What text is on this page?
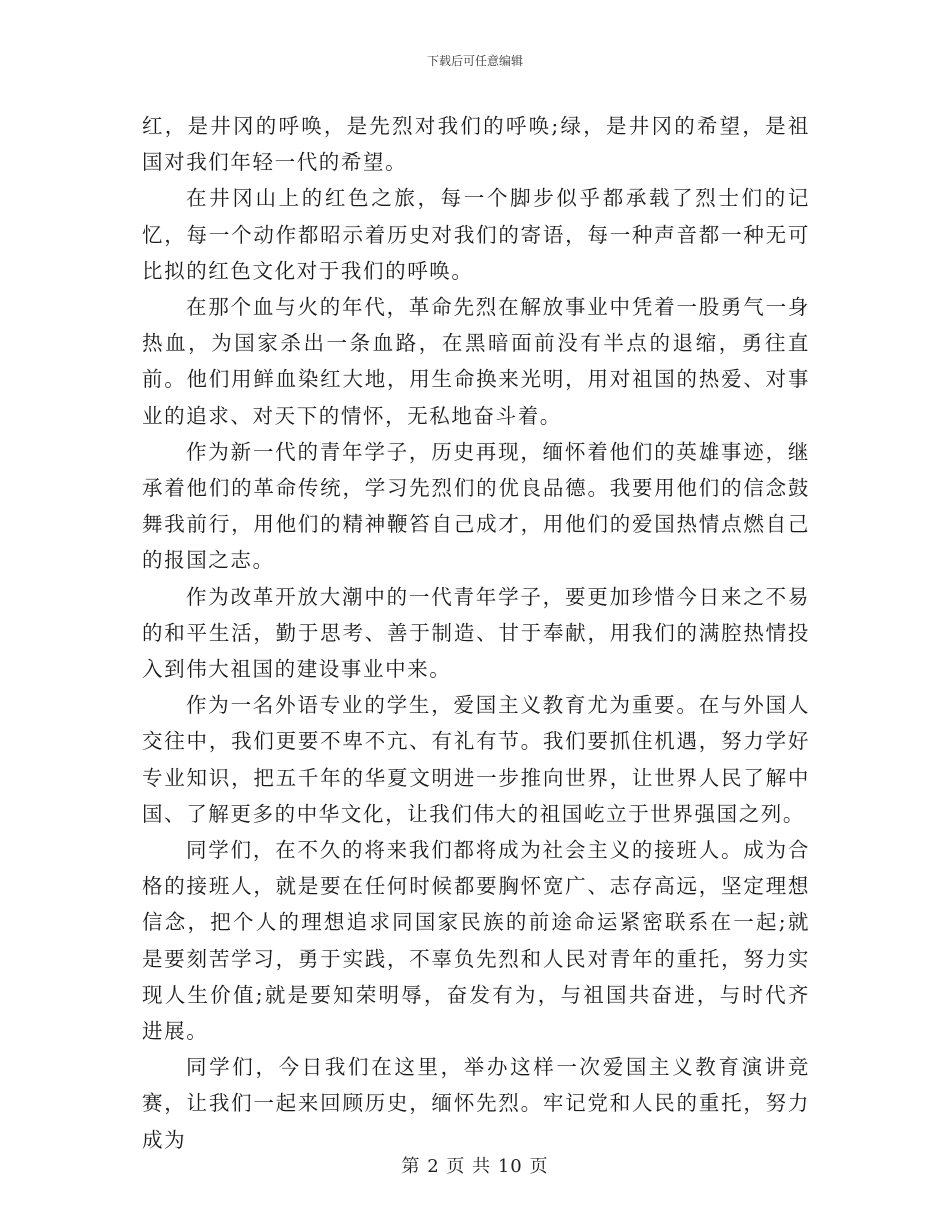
下载后可任意编辑

红，是井冈的呼唤，是先烈对我们的呼唤;绿，是井冈的希望，是祖国对我们年轻一代的希望。

在井冈山上的红色之旅，每一个脚步似乎都承载了烈士们的记忆，每一个动作都昭示着历史对我们的寄语，每一种声音都一种无可比拟的红色文化对于我们的呼唤。

在那个血与火的年代，革命先烈在解放事业中凭着一股勇气一身热血，为国家杀出一条血路，在黑暗面前没有半点的退缩，勇往直前。他们用鲜血染红大地，用生命换来光明，用对祖国的热爱、对事业的追求、对天下的情怀，无私地奋斗着。

作为新一代的青年学子，历史再现，缅怀着他们的英雄事迹，继承着他们的革命传统，学习先烈们的优良品德。我要用他们的信念鼓舞我前行，用他们的精神鞭笞自己成才，用他们的爱国热情点燃自己的报国之志。

作为改革开放大潮中的一代青年学子，要更加珍惜今日来之不易的和平生活，勤于思考、善于制造、甘于奉献，用我们的满腔热情投入到伟大祖国的建设事业中来。

作为一名外语专业的学生，爱国主义教育尤为重要。在与外国人交往中，我们更要不卑不亢、有礼有节。我们要抓住机遇，努力学好专业知识，把五千年的华夏文明进一步推向世界，让世界人民了解中国、了解更多的中华文化，让我们伟大的祖国屹立于世界强国之列。

同学们，在不久的将来我们都将成为社会主义的接班人。成为合格的接班人，就是要在任何时候都要胸怀宽广、志存高远，坚定理想信念，把个人的理想追求同国家民族的前途命运紧密联系在一起;就是要刻苦学习，勇于实践，不辜负先烈和人民对青年的重托，努力实现人生价值;就是要知荣明辱，奋发有为，与祖国共奋进，与时代齐进展。

同学们，今日我们在这里，举办这样一次爱国主义教育演讲竞赛，让我们一起来回顾历史，缅怀先烈。牢记党和人民的重托，努力成为

第 2 页 共 10 页
